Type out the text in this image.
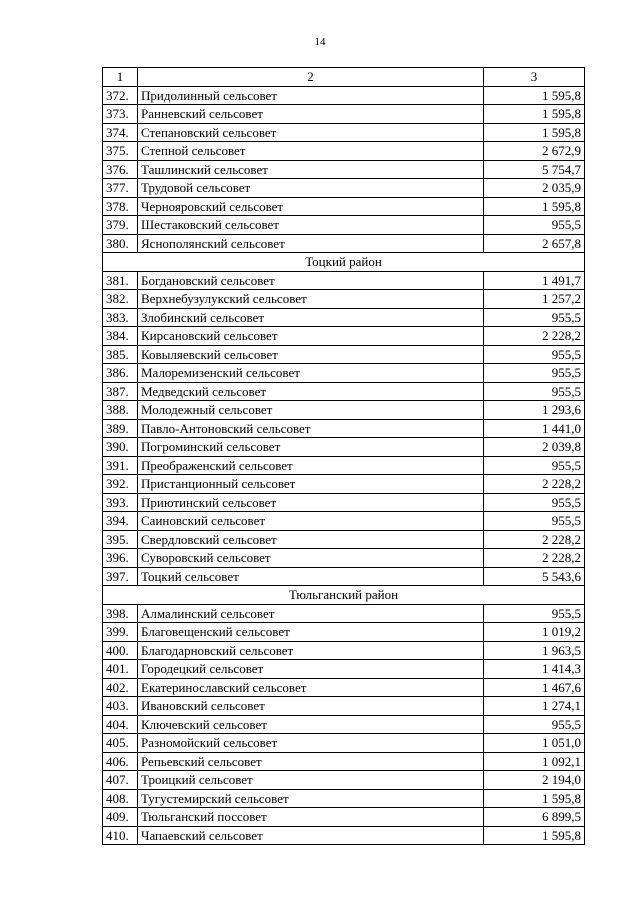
14
1	2	3
372.	Придолинный сельсовет	1 595,8
373.	Ранневский сельсовет	1 595,8
374.	Степановский сельсовет	1 595,8
375.	Степной сельсовет	2 672,9
376.	Ташлинский сельсовет	5 754,7
377.	Трудовой сельсовет	2 035,9
378.	Чернояровский сельсовет	1 595,8
379.	Шестаковский сельсовет	955,5
380.	Яснополянский сельсовет	2 657,8
Тоцкий район		
381.	Богдановский сельсовет	1 491,7
382.	Верхнебузулукский сельсовет	1 257,2
383.	Злобинский сельсовет	955,5
384.	Кирсановский сельсовет	2 228,2
385.	Ковыляевский сельсовет	955,5
386.	Малоремизенский сельсовет	955,5
387.	Медведский сельсовет	955,5
388.	Молодежный сельсовет	1 293,6
389.	Павло-Антоновский сельсовет	1 441,0
390.	Погроминский сельсовет	2 039,8
391.	Преображенский сельсовет	955,5
392.	Пристанционный сельсовет	2 228,2
393.	Приютинский сельсовет	955,5
394.	Саиновский сельсовет	955,5
395.	Свердловский сельсовет	2 228,2
396.	Суворовский сельсовет	2 228,2
397.	Тоцкий сельсовет	5 543,6
Тюльганский район		
398.	Алмалинский сельсовет	955,5
399.	Благовещенский сельсовет	1 019,2
400.	Благодарновский сельсовет	1 963,5
401.	Городецкий сельсовет	1 414,3
402.	Екатеринославский сельсовет	1 467,6
403.	Ивановский сельсовет	1 274,1
404.	Ключевский сельсовет	955,5
405.	Разномойский сельсовет	1 051,0
406.	Репьевский сельсовет	1 092,1
407.	Троицкий сельсовет	2 194,0
408.	Тугустемирский сельсовет	1 595,8
409.	Тюльганский поссовет	6 899,5
410.	Чапаевский сельсовет	1 595,8
